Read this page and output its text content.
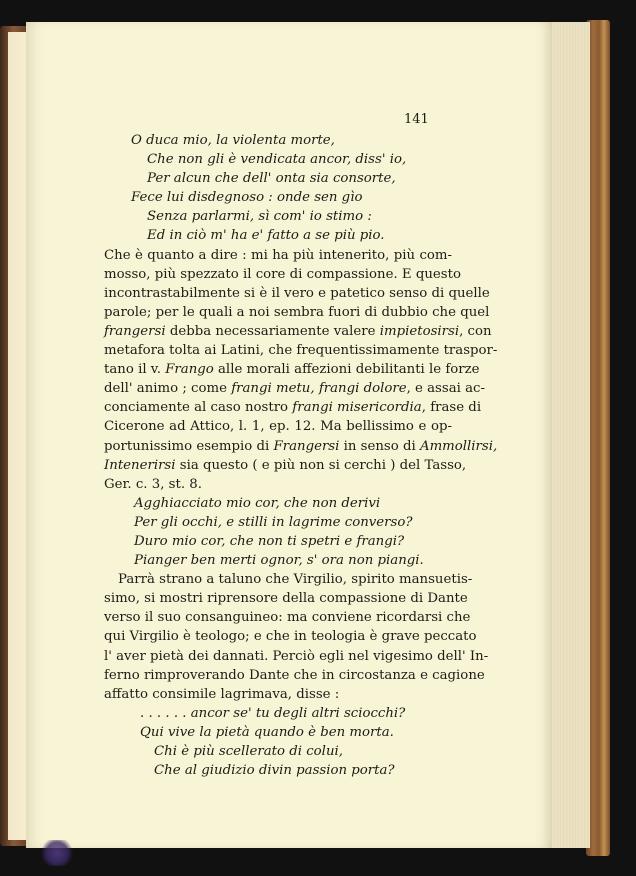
141
O duca mio, la violenta morte,
Che non gli è vendicata ancor, diss' io,
Per alcun che dell' onta sia consorte,
Fece lui disdegnoso : onde sen gìo
Senza parlarmi, sì com' io stimo :
Ed in ciò m' ha e' fatto a se più pio.
Che è quanto a dire : mi ha più intenerito, più com-
mosso, più spezzato il core di compassione. E questo
incontrastabilmente si è il vero e patetico senso di quelle
parole; per le quali a noi sembra fuori di dubbio che quel
frangersi debba necessariamente valere impietosirsi, con
metafora tolta ai Latini, che frequentissimamente traspor-
tano il v. Frango alle morali affezioni debilitanti le forze
dell' animo ; come frangi metu, frangi dolore, e assai ac-
conciamente al caso nostro frangi misericordia, frase di
Cicerone ad Attico, l. 1, ep. 12. Ma bellissimo e op-
portunissimo esempio di Frangersi in senso di Ammollirsi,
Intenerirsi sia questo ( e più non si cerchi ) del Tasso,
Ger. c. 3, st. 8.
Agghiacciato mio cor, che non derivi
Per gli occhi, e stilli in lagrime converso?
Duro mio cor, che non ti spetri e frangi?
Pianger ben merti ognor, s' ora non piangi.
Parrà strano a taluno che Virgilio, spirito mansuetis-
simo, si mostri riprensore della compassione di Dante
verso il suo consanguineo: ma conviene ricordarsi che
qui Virgilio è teologo; e che in teologia è grave peccato
l' aver pietà dei dannati. Perciò egli nel vigesimo dell' In-
ferno rimproverando Dante che in circostanza e cagione
affatto consimile lagrimava, disse :
. . . . . . ancor se' tu degli altri sciocchi?
Qui vive la pietà quando è ben morta.
Chi è più scellerato di colui,
Che al giudizio divin passion porta?
